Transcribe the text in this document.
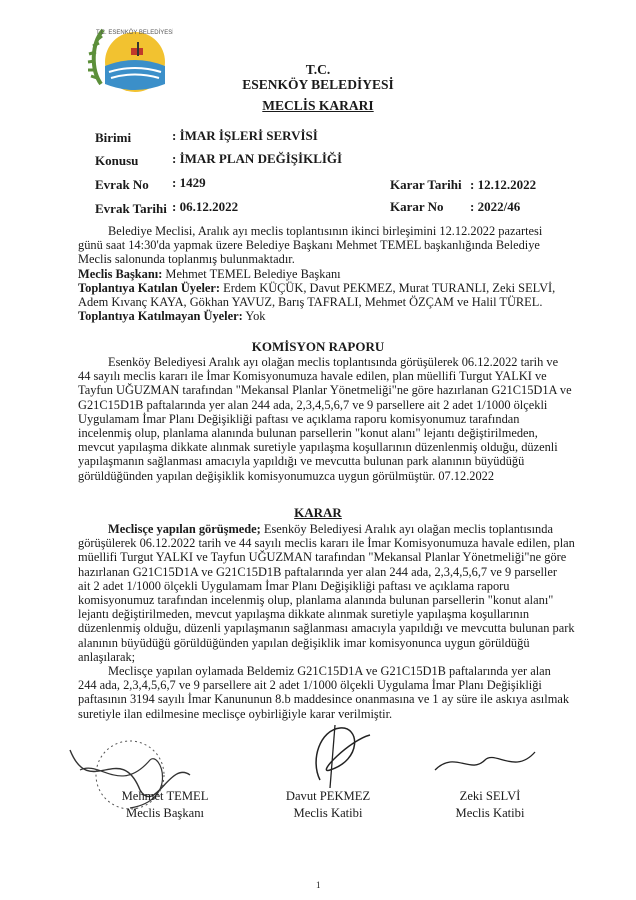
T.C. ESENKÖY BELEDİYESİ
T.C.
ESENKÖY BELEDİYESİ
MECLİS KARARI
Birimi	: İMAR İŞLERİ SERVİSİ
Konusu	: İMAR PLAN DEĞİŞİKLİĞİ
Evrak No : 1429	Karar Tarihi : 12.12.2022
Evrak Tarihi : 06.12.2022	Karar No : 2022/46

Belediye Meclisi, Aralık ayı meclis toplantısının ikinci birleşimini 12.12.2022 pazartesi

günü saat 14:30'da yapmak üzere Belediye Başkanı Mehmet TEMEL başkanlığında Belediye

Meclis salonunda toplanmış bulunmaktadır.

Meclis Başkanı: Mehmet TEMEL Belediye Başkanı

Toplantıya Katılan Üyeler: Erdem KÜÇÜK, Davut PEKMEZ, Murat TURANLI, Zeki SELVİ,

Adem Kıvanç KAYA, Gökhan YAVUZ, Barış TAFRALI, Mehmet ÖZÇAM ve Halil TÜREL.

Toplantıya Katılmayan Üyeler: Yok

KOMİSYON RAPORU

Esenköy Belediyesi Aralık ayı olağan meclis toplantısında görüşülerek 06.12.2022 tarih ve

44 sayılı meclis kararı ile İmar Komisyonumuza havale edilen, plan müellifi Turgut YALKI ve

Tayfun UĞUZMAN tarafından "Mekansal Planlar Yönetmeliği"ne göre hazırlanan G21C15D1A ve

G21C15D1B paftalarında yer alan 244 ada, 2,3,4,5,6,7 ve 9 parsellere ait 2 adet 1/1000 ölçekli

Uygulamam İmar Planı Değişikliği paftası ve açıklama raporu komisyonumuz tarafından

incelenmiş olup, planlama alanında bulunan parsellerin "konut alanı" lejantı değiştirilmeden,

mevcut yapılaşma dikkate alınmak suretiyle yapılaşma koşullarının düzenlenmiş olduğu, düzenli

yapılaşmanın sağlanması amacıyla yapıldığı ve mevcutta bulunan park alanının büyüdüğü

görüldüğünden yapılan değişiklik komisyonumuzca uygun görülmüştür. 07.12.2022

KARAR

Meclisçe yapılan görüşmede; Esenköy Belediyesi Aralık ayı olağan meclis toplantısında

görüşülerek 06.12.2022 tarih ve 44 sayılı meclis kararı ile İmar Komisyonumuza havale edilen, plan

müellifi Turgut YALKI ve Tayfun UĞUZMAN tarafından "Mekansal Planlar Yönetmeliği"ne göre

hazırlanan G21C15D1A ve G21C15D1B paftalarında yer alan 244 ada, 2,3,4,5,6,7 ve 9 parseller

ait 2 adet 1/1000 ölçekli Uygulamam İmar Planı Değişikliği paftası ve açıklama raporu

komisyonumuz tarafından incelenmiş olup, planlama alanında bulunan parsellerin "konut alanı"

lejantı değiştirilmeden, mevcut yapılaşma dikkate alınmak suretiyle yapılaşma koşullarının

düzenlenmiş olduğu, düzenli yapılaşmanın sağlanması amacıyla yapıldığı ve mevcutta bulunan park

alanının büyüdüğü görüldüğünden yapılan değişiklik imar komisyonunca uygun görüldüğü

anlaşılarak;

Meclisçe yapılan oylamada Beldemiz G21C15D1A ve G21C15D1B paftalarında yer alan

244 ada, 2,3,4,5,6,7 ve 9 parsellere ait 2 adet 1/1000 ölçekli Uygulama İmar Planı Değişikliği

paftasının 3194 sayılı İmar Kanununun 8.b maddesince onanmasına ve 1 ay süre ile askıya asılmak

suretiyle ilan edilmesine meclisçe oybirliğiyle karar verilmiştir.

Mehmet TEMEL
Meclis Başkanı
Davut PEKMEZ
Meclis Katibi
Zeki SELVİ
Meclis Katibi
1
